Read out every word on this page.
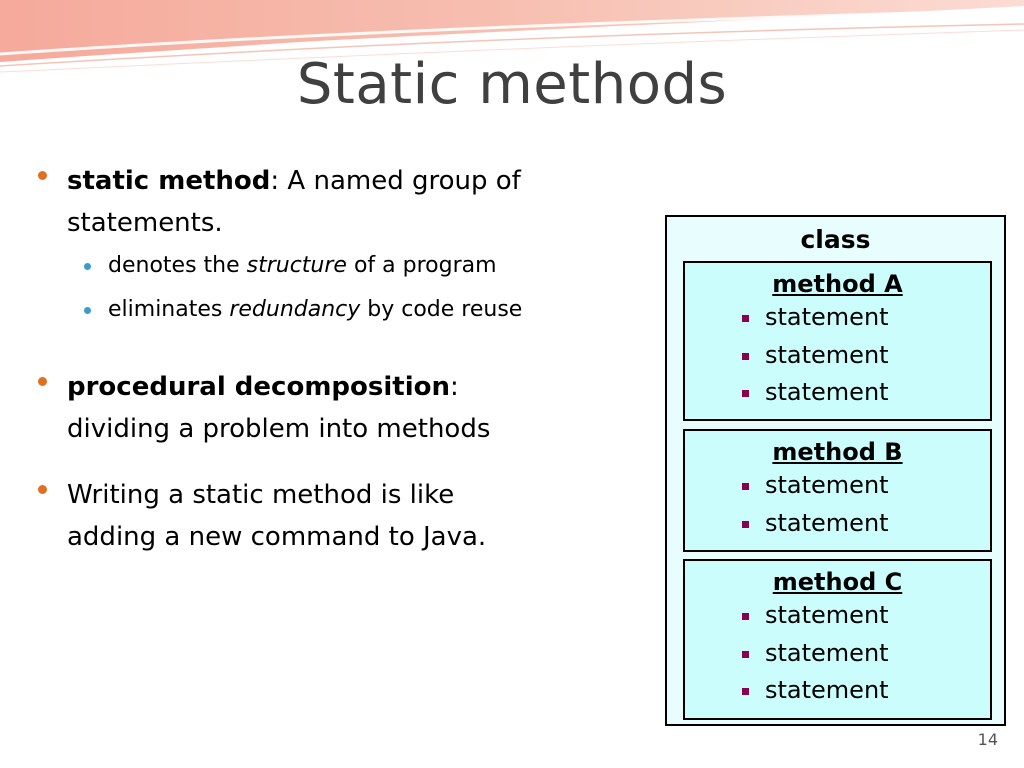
Static methods
static method: A named group of statements.
denotes the structure of a program
eliminates redundancy by code reuse
procedural decomposition:
dividing a problem into methods
Writing a static method is like
adding a new command to Java.
class
method A
statement
statement
statement
method B
statement
statement
method C
statement
statement
statement
14
